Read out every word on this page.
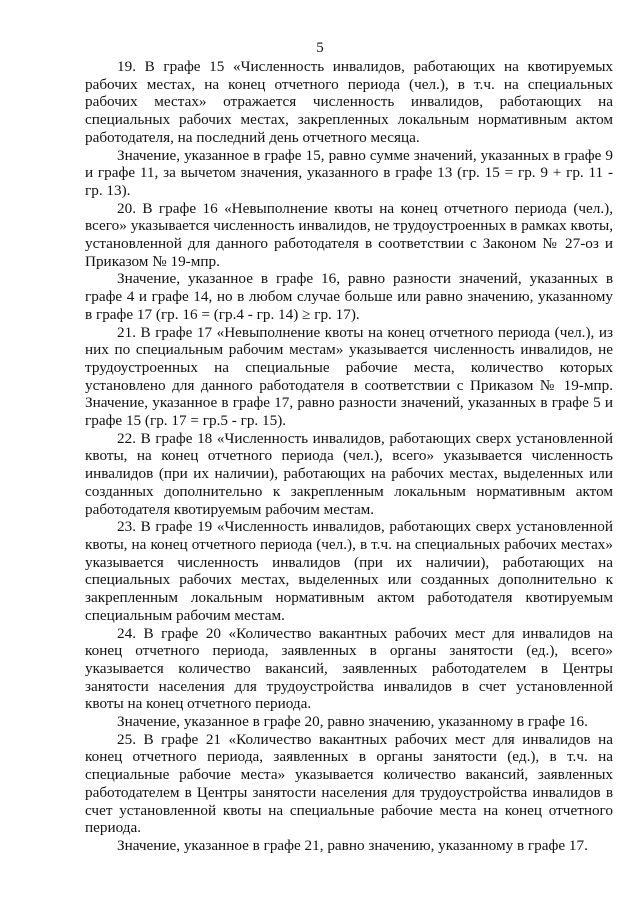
5

19. В графе 15 «Численность инвалидов, работающих на квотируемых рабочих местах, на конец отчетного периода (чел.), в т.ч. на специальных рабочих местах» отражается численность инвалидов, работающих на специальных рабочих местах, закрепленных локальным нормативным актом работодателя, на последний день отчетного месяца.

Значение, указанное в графе 15, равно сумме значений, указанных в графе 9 и графе 11, за вычетом значения, указанного в графе 13 (гр. 15 = гр. 9 + гр. 11 - гр. 13).

20. В графе 16 «Невыполнение квоты на конец отчетного периода (чел.), всего» указывается численность инвалидов, не трудоустроенных в рамках квоты, установленной для данного работодателя в соответствии с Законом № 27-оз и Приказом № 19-мпр.

Значение, указанное в графе 16, равно разности значений, указанных в графе 4 и графе 14, но в любом случае больше или равно значению, указанному в графе 17 (гр. 16 = (гр.4 - гр. 14) ≥ гр. 17).

21. В графе 17 «Невыполнение квоты на конец отчетного периода (чел.), из них по специальным рабочим местам» указывается численность инвалидов, не трудоустроенных на специальные рабочие места, количество которых установлено для данного работодателя в соответствии с Приказом № 19-мпр. Значение, указанное в графе 17, равно разности значений, указанных в графе 5 и графе 15 (гр. 17 = гр.5 - гр. 15).

22. В графе 18 «Численность инвалидов, работающих сверх установленной квоты, на конец отчетного периода (чел.), всего» указывается численность инвалидов (при их наличии), работающих на рабочих местах, выделенных или созданных дополнительно к закрепленным локальным нормативным актом работодателя квотируемым рабочим местам.

23. В графе 19 «Численность инвалидов, работающих сверх установленной квоты, на конец отчетного периода (чел.), в т.ч. на специальных рабочих местах» указывается численность инвалидов (при их наличии), работающих на специальных рабочих местах, выделенных или созданных дополнительно к закрепленным локальным нормативным актом работодателя квотируемым специальным рабочим местам.

24. В графе 20 «Количество вакантных рабочих мест для инвалидов на конец отчетного периода, заявленных в органы занятости (ед.), всего» указывается количество вакансий, заявленных работодателем в Центры занятости населения для трудоустройства инвалидов в счет установленной квоты на конец отчетного периода.

Значение, указанное в графе 20, равно значению, указанному в графе 16.

25. В графе 21 «Количество вакантных рабочих мест для инвалидов на конец отчетного периода, заявленных в органы занятости (ед.), в т.ч. на специальные рабочие места» указывается количество вакансий, заявленных работодателем в Центры занятости населения для трудоустройства инвалидов в счет установленной квоты на специальные рабочие места на конец отчетного периода.

Значение, указанное в графе 21, равно значению, указанному в графе 17.
